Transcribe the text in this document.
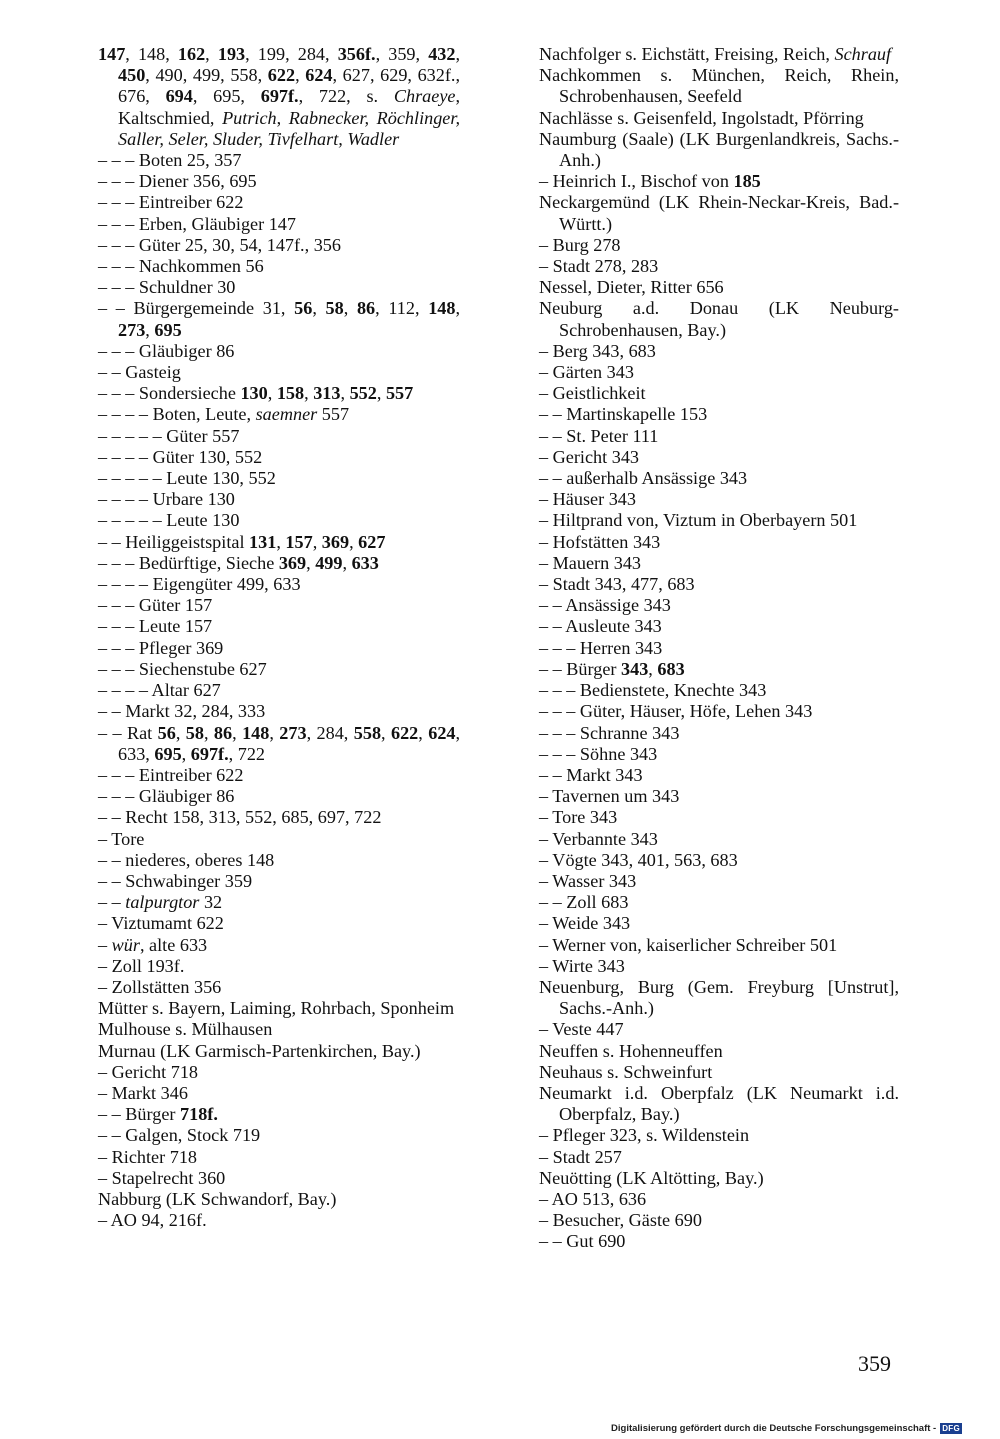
147, 148, 162, 193, 199, 284, 356f., 359, 432, 450, 490, 499, 558, 622, 624, 627, 629, 632f., 676, 694, 695, 697f., 722, s. Chraeye, Kaltschmied, Putrich, Rabnecker, Röchlinger, Saller, Seler, Sluder, Tivfelhart, Wadler
– – – Boten 25, 357
– – – Diener 356, 695
– – – Eintreiber 622
– – – Erben, Gläubiger 147
– – – Güter 25, 30, 54, 147f., 356
– – – Nachkommen 56
– – – Schuldner 30
– – Bürgergemeinde 31, 56, 58, 86, 112, 148, 273, 695
– – – Gläubiger 86
– – Gasteig
– – – Sondersieche 130, 158, 313, 552, 557
– – – – Boten, Leute, saemner 557
– – – – – Güter 557
– – – – Güter 130, 552
– – – – – Leute 130, 552
– – – – Urbare 130
– – – – – Leute 130
– – Heiliggeistspital 131, 157, 369, 627
– – – Bedürftige, Sieche 369, 499, 633
– – – – Eigengüter 499, 633
– – – Güter 157
– – – Leute 157
– – – Pfleger 369
– – – Siechenstube 627
– – – – Altar 627
– – Markt 32, 284, 333
– – Rat 56, 58, 86, 148, 273, 284, 558, 622, 624, 633, 695, 697f., 722
– – – Eintreiber 622
– – – Gläubiger 86
– – Recht 158, 313, 552, 685, 697, 722
– Tore
– – niederes, oberes 148
– – Schwabinger 359
– – talpurgtor 32
– Viztumamt 622
– wür, alte 633
– Zoll 193f.
– Zollstätten 356
Mütter s. Bayern, Laiming, Rohrbach, Sponheim
Mulhouse s. Mülhausen
Murnau (LK Garmisch-Partenkirchen, Bay.)
– Gericht 718
– Markt 346
– – Bürger 718f.
– – Galgen, Stock 719
– Richter 718
– Stapelrecht 360
Nabburg (LK Schwandorf, Bay.)
– AO 94, 216f.
Nachfolger s. Eichstätt, Freising, Reich, Schrauf
Nachkommen s. München, Reich, Rhein, Schrobenhausen, Seefeld
Nachlässe s. Geisenfeld, Ingolstadt, Pförring
Naumburg (Saale) (LK Burgenlandkreis, Sachs.-Anh.)
– Heinrich I., Bischof von 185
Neckargemünd (LK Rhein-Neckar-Kreis, Bad.-Württ.)
– Burg 278
– Stadt 278, 283
Nessel, Dieter, Ritter 656
Neuburg a.d. Donau (LK Neuburg-Schrobenhausen, Bay.)
– Berg 343, 683
– Gärten 343
– Geistlichkeit
– – Martinskapelle 153
– – St. Peter 111
– Gericht 343
– – außerhalb Ansässige 343
– Häuser 343
– Hiltprand von, Viztum in Oberbayern 501
– Hofstätten 343
– Mauern 343
– Stadt 343, 477, 683
– – Ansässige 343
– – Ausleute 343
– – – Herren 343
– – Bürger 343, 683
– – – Bedienstete, Knechte 343
– – – Güter, Häuser, Höfe, Lehen 343
– – – Schranne 343
– – – Söhne 343
– – Markt 343
– Tavernen um 343
– Tore 343
– Verbannte 343
– Vögte 343, 401, 563, 683
– Wasser 343
– – Zoll 683
– Weide 343
– Werner von, kaiserlicher Schreiber 501
– Wirte 343
Neuenburg, Burg (Gem. Freyburg [Unstrut], Sachs.-Anh.)
– Veste 447
Neuffen s. Hohenneuffen
Neuhaus s. Schweinfurt
Neumarkt i.d. Oberpfalz (LK Neumarkt i.d. Oberpfalz, Bay.)
– Pfleger 323, s. Wildenstein
– Stadt 257
Neuötting (LK Altötting, Bay.)
– AO 513, 636
– Besucher, Gäste 690
– – Gut 690
359
Digitalisierung gefördert durch die Deutsche Forschungsgemeinschaft - DFG
